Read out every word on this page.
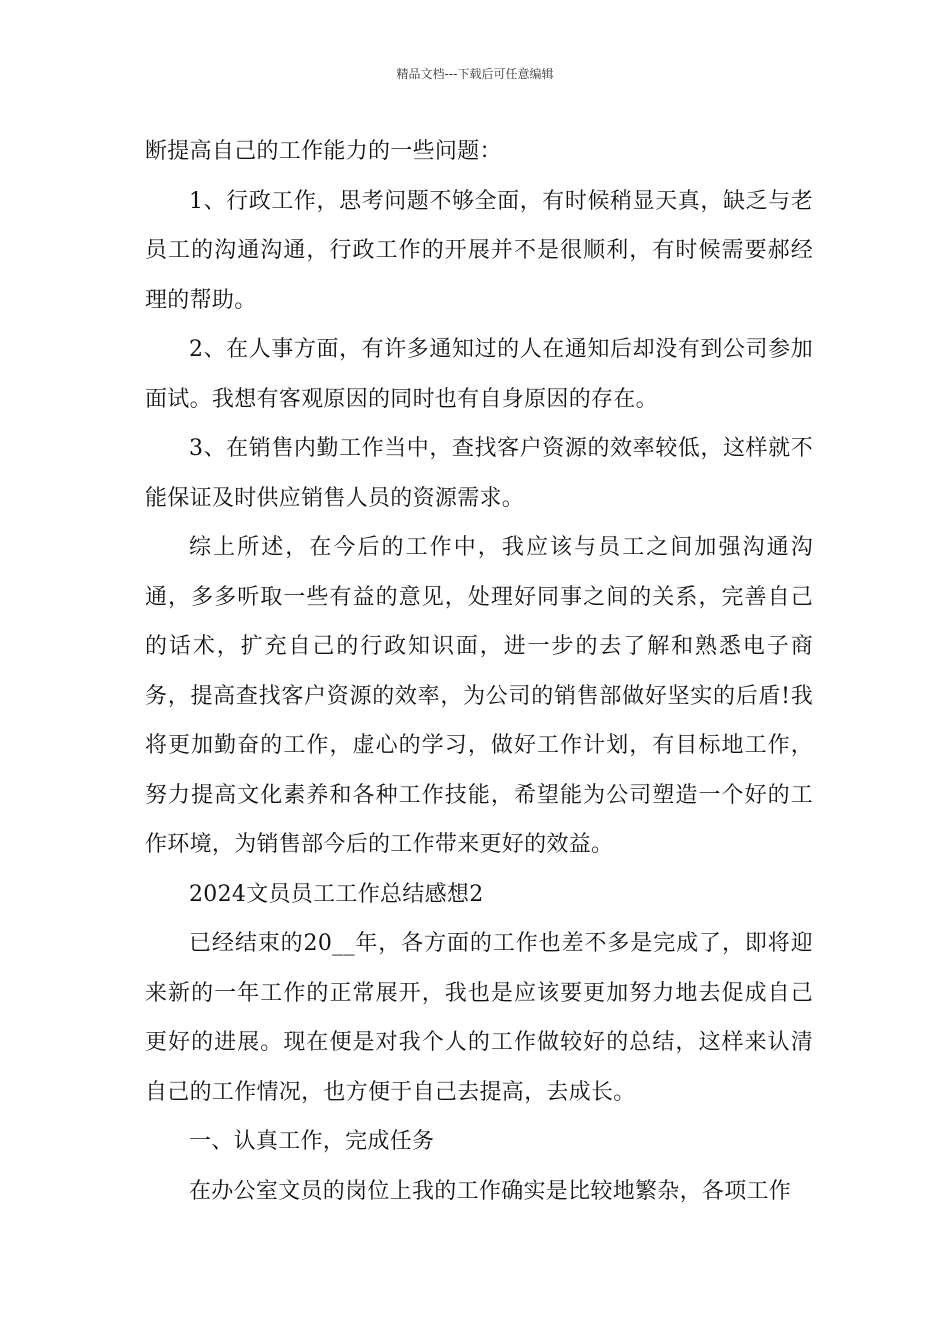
精品文档---下载后可任意编辑

断提高自己的工作能力的一些问题：

1、行政工作，思考问题不够全面，有时候稍显天真，缺乏与老员工的沟通沟通，行政工作的开展并不是很顺利，有时候需要郝经理的帮助。

2、在人事方面，有许多通知过的人在通知后却没有到公司参加面试。我想有客观原因的同时也有自身原因的存在。

3、在销售内勤工作当中，查找客户资源的效率较低，这样就不能保证及时供应销售人员的资源需求。

综上所述，在今后的工作中，我应该与员工之间加强沟通沟通，多多听取一些有益的意见，处理好同事之间的关系，完善自己的话术，扩充自己的行政知识面，进一步的去了解和熟悉电子商务，提高查找客户资源的效率，为公司的销售部做好坚实的后盾!我将更加勤奋的工作，虚心的学习，做好工作计划，有目标地工作，努力提高文化素养和各种工作技能，希望能为公司塑造一个好的工作环境，为销售部今后的工作带来更好的效益。

2024文员员工工作总结感想2

已经结束的20__年，各方面的工作也差不多是完成了，即将迎来新的一年工作的正常展开，我也是应该要更加努力地去促成自己更好的进展。现在便是对我个人的工作做较好的总结，这样来认清自己的工作情况，也方便于自己去提高，去成长。

一、认真工作，完成任务

在办公室文员的岗位上我的工作确实是比较地繁杂，各项工作
